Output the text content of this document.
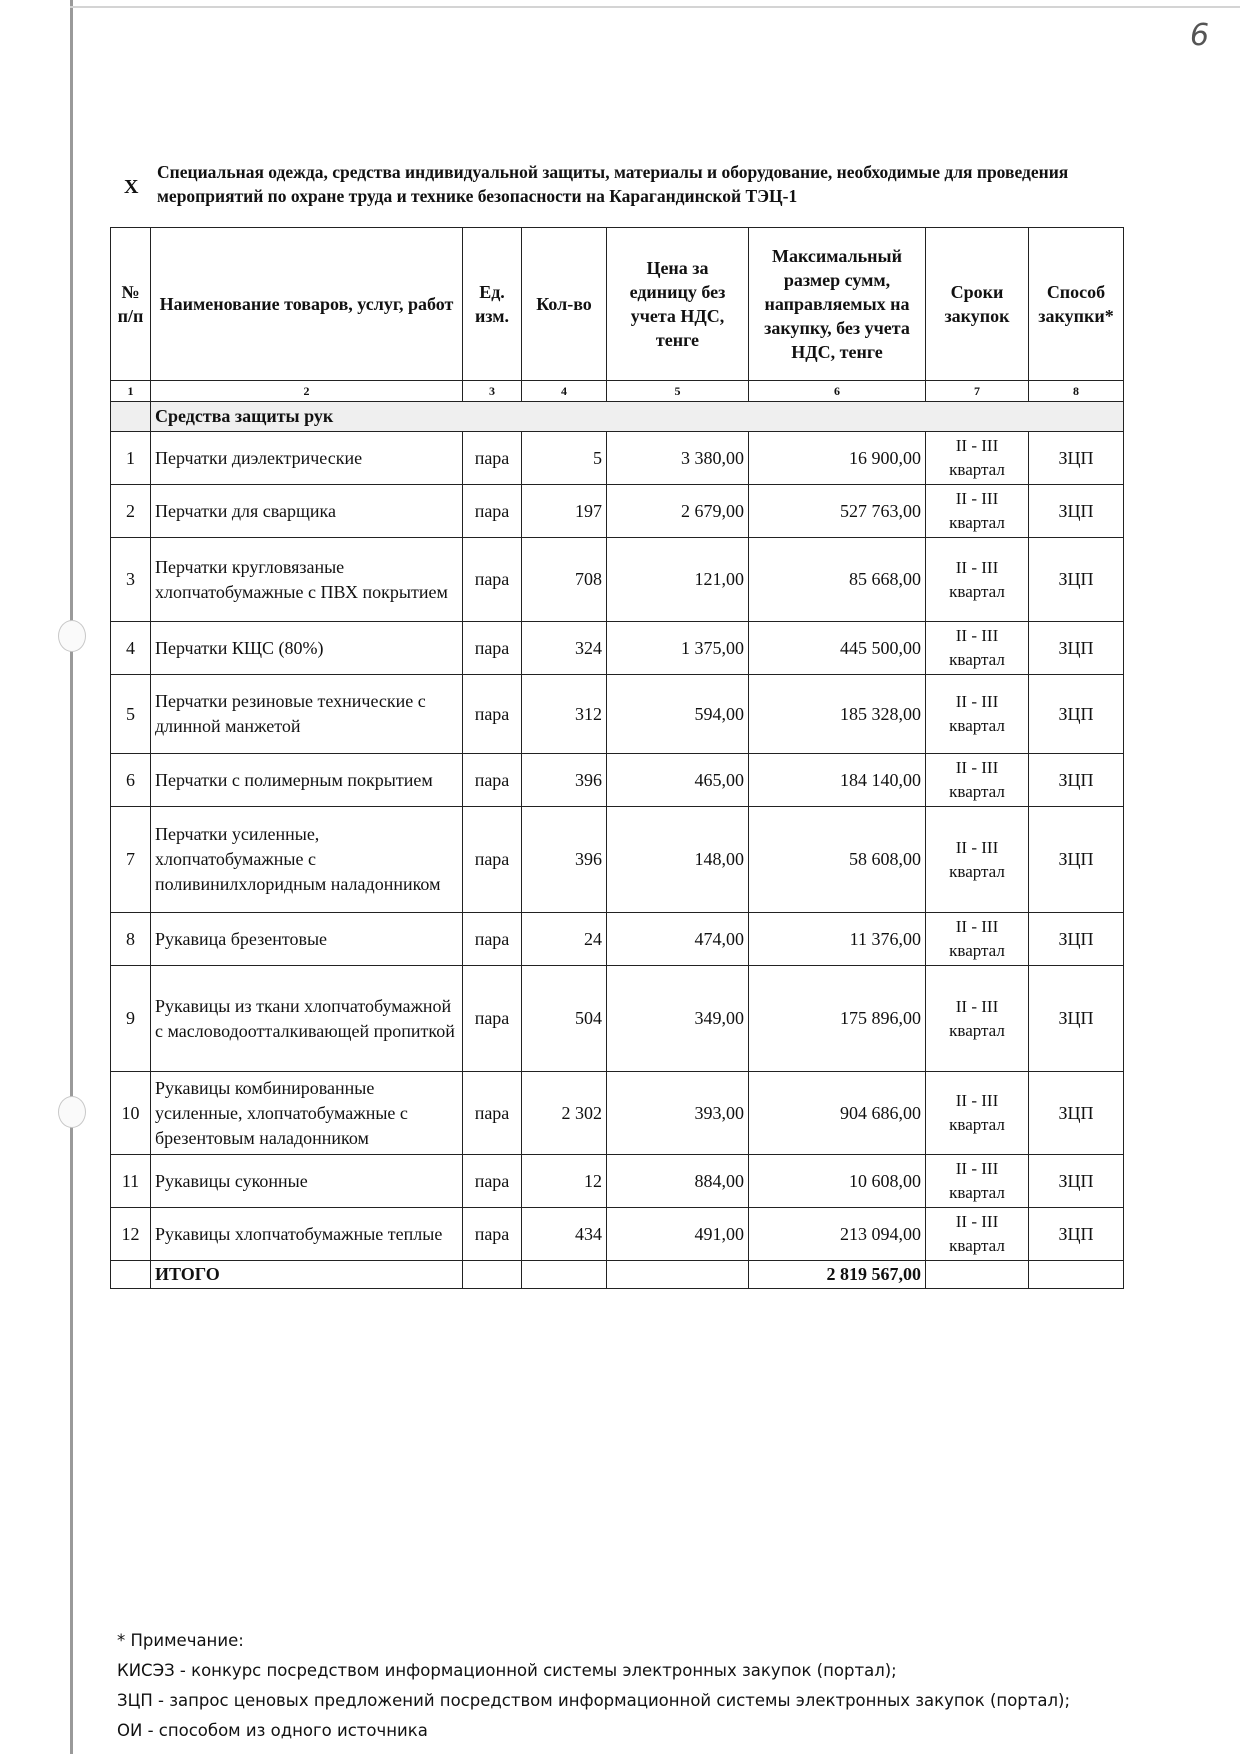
6
X
Специальная одежда, средства индивидуальной защиты, материалы и оборудование, необходимые для проведения мероприятий по охране труда и технике безопасности на Карагандинской ТЭЦ-1
№ п/п	Наименование товаров, услуг, работ	Ед. изм.	Кол-во	Цена за единицу без учета НДС, тенге	Максимальный размер сумм, направляемых на закупку, без учета НДС, тенге	Сроки закупок	Способ закупки*
1	2	3	4	5	6	7	8
	Средства защиты рук						
1	Перчатки диэлектрические	пара	5	3 380,00	16 900,00	II - III квартал	ЗЦП
2	Перчатки для сварщика	пара	197	2 679,00	527 763,00	II - III квартал	ЗЦП
3	Перчатки кругловязаные хлопчатобумажные с ПВХ покрытием	пара	708	121,00	85 668,00	II - III квартал	ЗЦП
4	Перчатки КЩС (80%)	пара	324	1 375,00	445 500,00	II - III квартал	ЗЦП
5	Перчатки резиновые технические с длинной манжетой	пара	312	594,00	185 328,00	II - III квартал	ЗЦП
6	Перчатки с полимерным покрытием	пара	396	465,00	184 140,00	II - III квартал	ЗЦП
7	Перчатки усиленные, хлопчатобумажные с поливинилхлоридным наладонником	пара	396	148,00	58 608,00	II - III квартал	ЗЦП
8	Рукавица брезентовые	пара	24	474,00	11 376,00	II - III квартал	ЗЦП
9	Рукавицы из ткани хлопчатобумажной с масловодоотталкивающей пропиткой	пара	504	349,00	175 896,00	II - III квартал	ЗЦП
10	Рукавицы комбинированные усиленные, хлопчатобумажные с брезентовым наладонником	пара	2 302	393,00	904 686,00	II - III квартал	ЗЦП
11	Рукавицы суконные	пара	12	884,00	10 608,00	II - III квартал	ЗЦП
12	Рукавицы хлопчатобумажные теплые	пара	434	491,00	213 094,00	II - III квартал	ЗЦП
	ИТОГО				2 819 567,00		
* Примечание:
КИСЭЗ - конкурс посредством информационной системы электронных закупок (портал);
ЗЦП - запрос ценовых предложений посредством информационной системы электронных закупок (портал);
ОИ - способом из одного источника
